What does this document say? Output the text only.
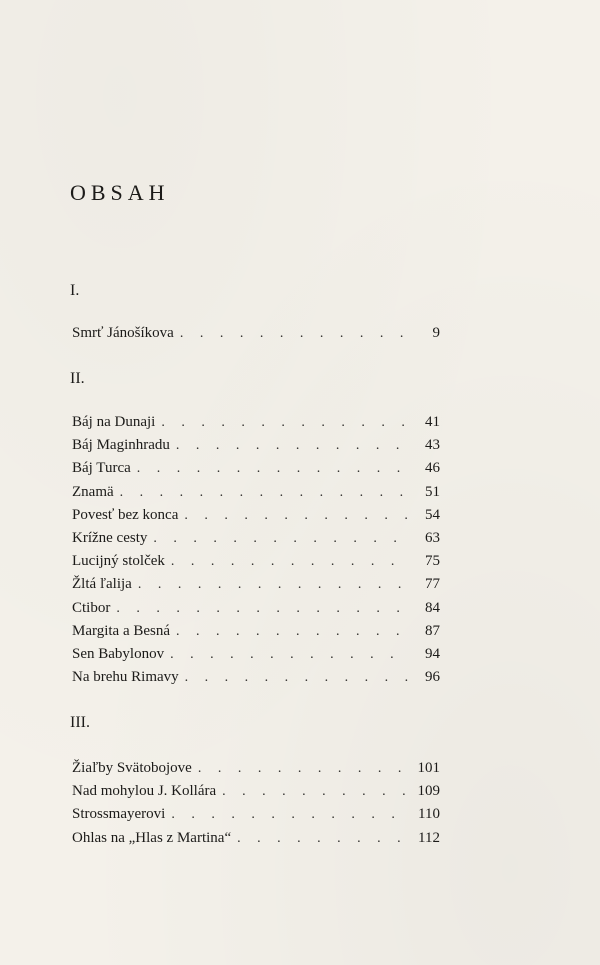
OBSAH
I.
Smrť Jánošíkova . . .	9
II.
Báj na Dunaji . . .	41
Báj Maginhradu . . .	43
Báj Turca . . .	46
Znamä . . .	51
Povesť bez konca . . .	54
Krížne cesty . . .	63
Lucijný stolček . . .	75
Žltá ľalija . . .	77
Ctibor . . .	84
Margita a Besná . . .	87
Sen Babylonov . . .	94
Na brehu Rimavy . . .	96
III.
Žiaľby Svätobojove . . .	101
Nad mohylou J. Kollára . . .	109
Strossmayerovi . . .	110
Ohlas na „Hlas z Martina“ . . .	112
